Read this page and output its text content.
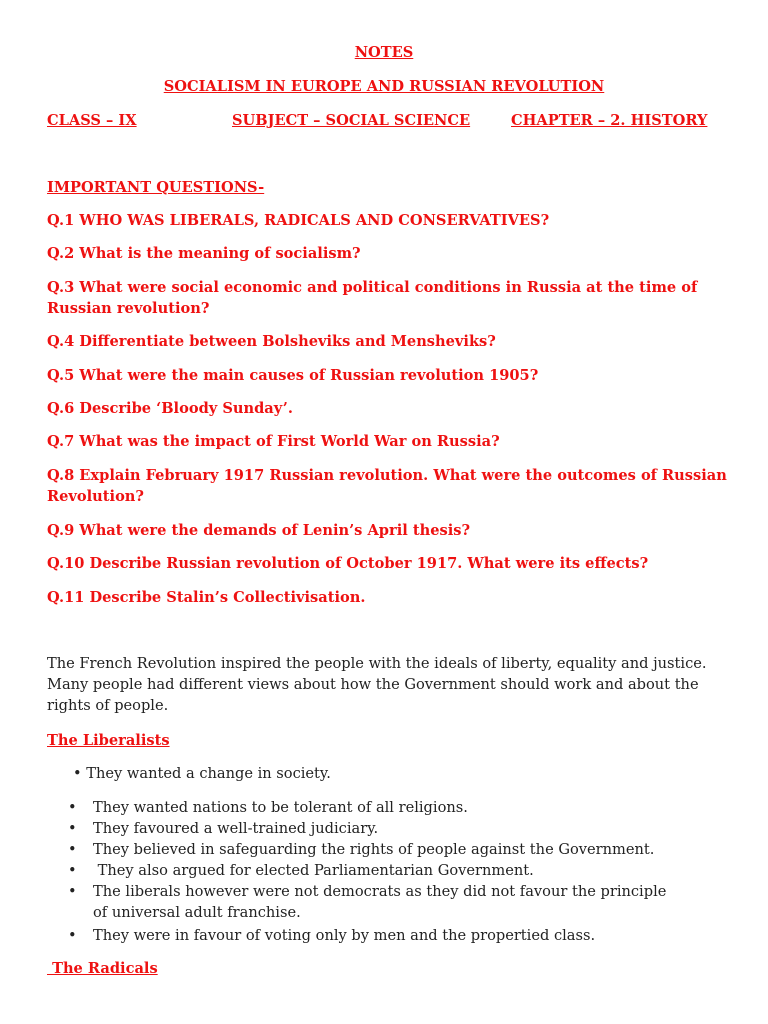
NOTES
SOCIALISM IN EUROPE AND RUSSIAN REVOLUTION
CLASS – IX	SUBJECT – SOCIAL SCIENCE	CHAPTER – 2. HISTORY
IMPORTANT QUESTIONS-
Q.1 WHO WAS LIBERALS, RADICALS AND CONSERVATIVES?
Q.2 What is the meaning of socialism?
Q.3 What were social economic and political conditions in Russia at the time of Russian revolution?
Q.4 Differentiate between Bolsheviks and Mensheviks?
Q.5 What were the main causes of Russian revolution 1905?
Q.6 Describe ‘Bloody Sunday’.
Q.7 What was the impact of First World War on Russia?
Q.8 Explain February 1917 Russian revolution. What were the outcomes of Russian Revolution?
Q.9 What were the demands of Lenin’s April thesis?
Q.10 Describe Russian revolution of October 1917. What were its effects?
Q.11 Describe Stalin’s Collectivisation.
The French Revolution inspired the people with the ideals of liberty, equality and justice. Many people had different views about how the Government should work and about the rights of people.
The Liberalists
• They wanted a change in society.
• They wanted nations to be tolerant of all religions.
• They favoured a well-trained judiciary.
• They believed in safeguarding the rights of people against the Government.
• They also argued for elected Parliamentarian Government.
• The liberals however were not democrats as they did not favour the principle of universal adult franchise.
• They were in favour of voting only by men and the propertied class.
The Radicals
